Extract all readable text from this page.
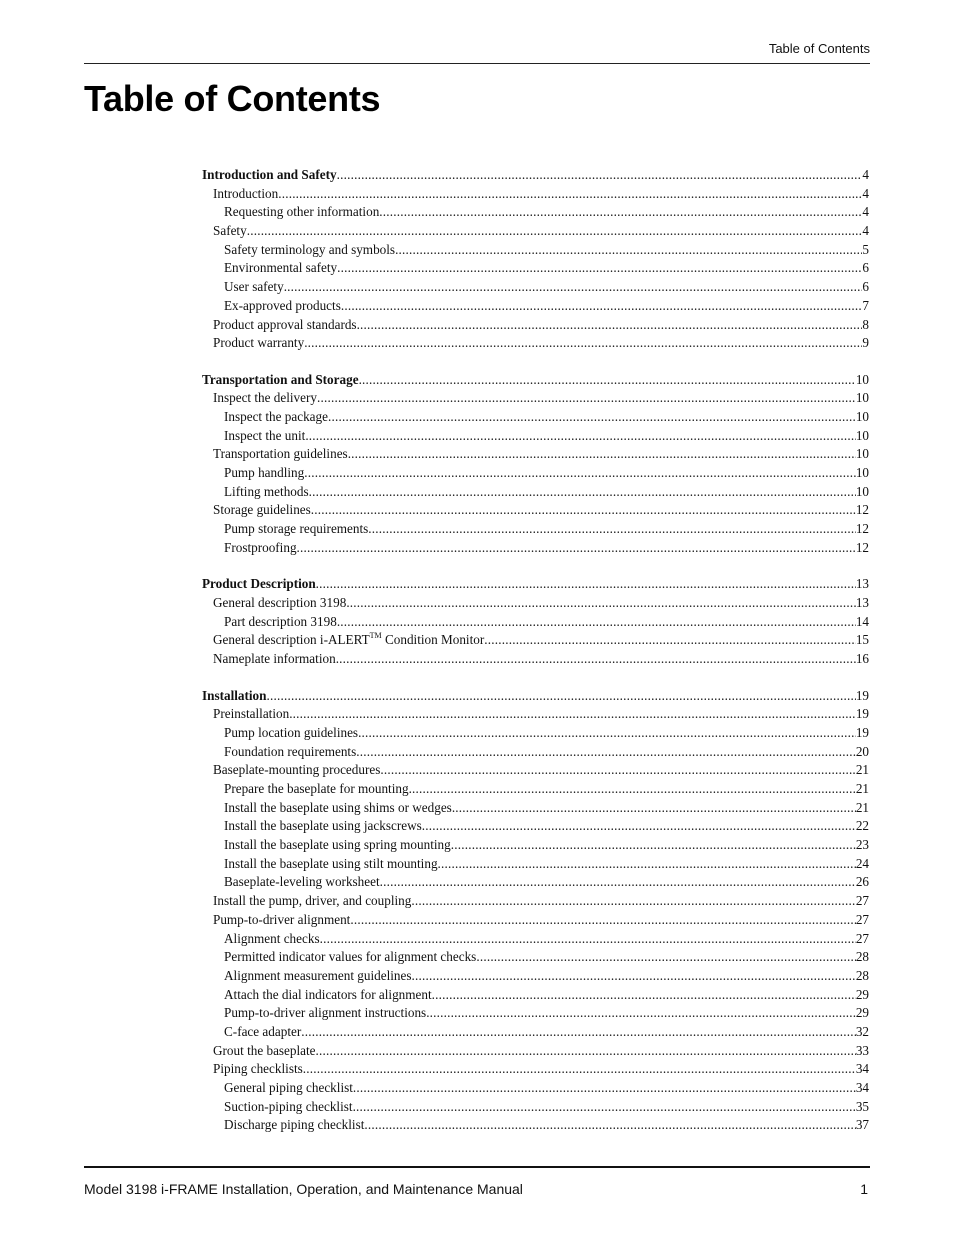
Table of Contents
Table of Contents
Introduction and Safety .....	4
Introduction .....	4
Requesting other information .....	4
Safety .....	4
Safety terminology and symbols .....	5
Environmental safety .....	6
User safety .....	6
Ex-approved products .....	7
Product approval standards .....	8
Product warranty .....	9
Transportation and Storage .....	10
Inspect the delivery .....	10
Inspect the package .....	10
Inspect the unit .....	10
Transportation guidelines .....	10
Pump handling .....	10
Lifting methods .....	10
Storage guidelines .....	12
Pump storage requirements .....	12
Frostproofing .....	12
Product Description .....	13
General description 3198 .....	13
Part description 3198 .....	14
General description i-ALERT™ Condition Monitor .....	15
Nameplate information .....	16
Installation .....	19
Preinstallation .....	19
Pump location guidelines .....	19
Foundation requirements .....	20
Baseplate-mounting procedures .....	21
Prepare the baseplate for mounting .....	21
Install the baseplate using shims or wedges .....	21
Install the baseplate using jackscrews .....	22
Install the baseplate using spring mounting .....	23
Install the baseplate using stilt mounting .....	24
Baseplate-leveling worksheet .....	26
Install the pump, driver, and coupling .....	27
Pump-to-driver alignment .....	27
Alignment checks .....	27
Permitted indicator values for alignment checks .....	28
Alignment measurement guidelines .....	28
Attach the dial indicators for alignment .....	29
Pump-to-driver alignment instructions .....	29
C-face adapter .....	32
Grout the baseplate .....	33
Piping checklists .....	34
General piping checklist .....	34
Suction-piping checklist .....	35
Discharge piping checklist .....	37
Model 3198 i-FRAME Installation, Operation, and Maintenance Manual	1
